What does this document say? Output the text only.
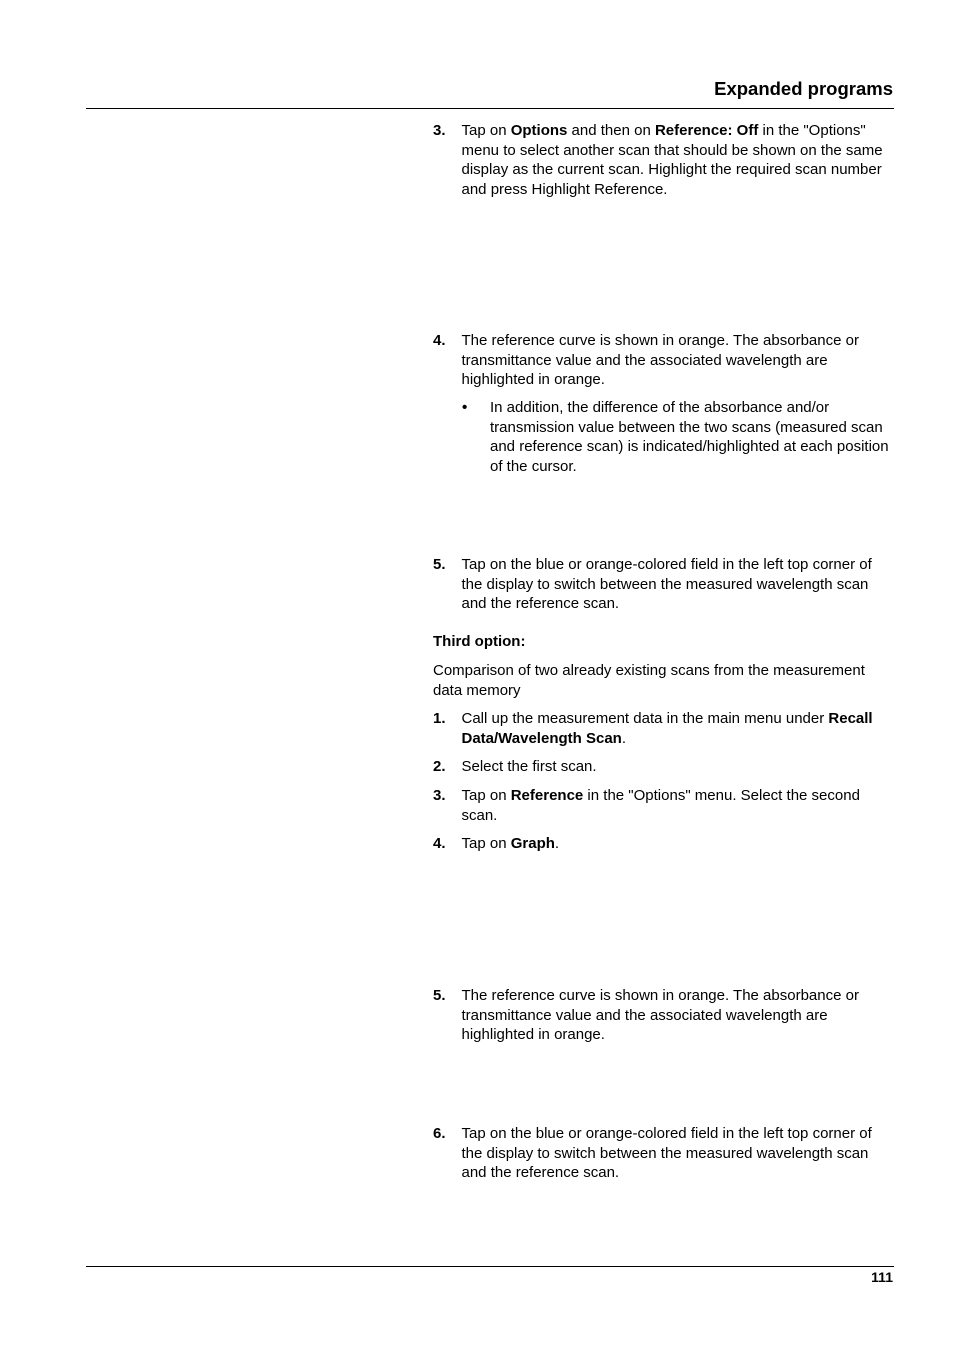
Expanded programs
3. Tap on Options and then on Reference: Off in the "Options" menu to select another scan that should be shown on the same display as the current scan. Highlight the required scan number and press Highlight Reference.
4. The reference curve is shown in orange. The absorbance or transmittance value and the associated wavelength are highlighted in orange.
• In addition, the difference of the absorbance and/or transmission value between the two scans (measured scan and reference scan) is indicated/highlighted at each position of the cursor.
5. Tap on the blue or orange-colored field in the left top corner of the display to switch between the measured wavelength scan and the reference scan.
Third option:
Comparison of two already existing scans from the measurement data memory
1. Call up the measurement data in the main menu under Recall Data/Wavelength Scan.
2. Select the first scan.
3. Tap on Reference in the "Options" menu. Select the second scan.
4. Tap on Graph.
5. The reference curve is shown in orange. The absorbance or transmittance value and the associated wavelength are highlighted in orange.
6. Tap on the blue or orange-colored field in the left top corner of the display to switch between the measured wavelength scan and the reference scan.
111
